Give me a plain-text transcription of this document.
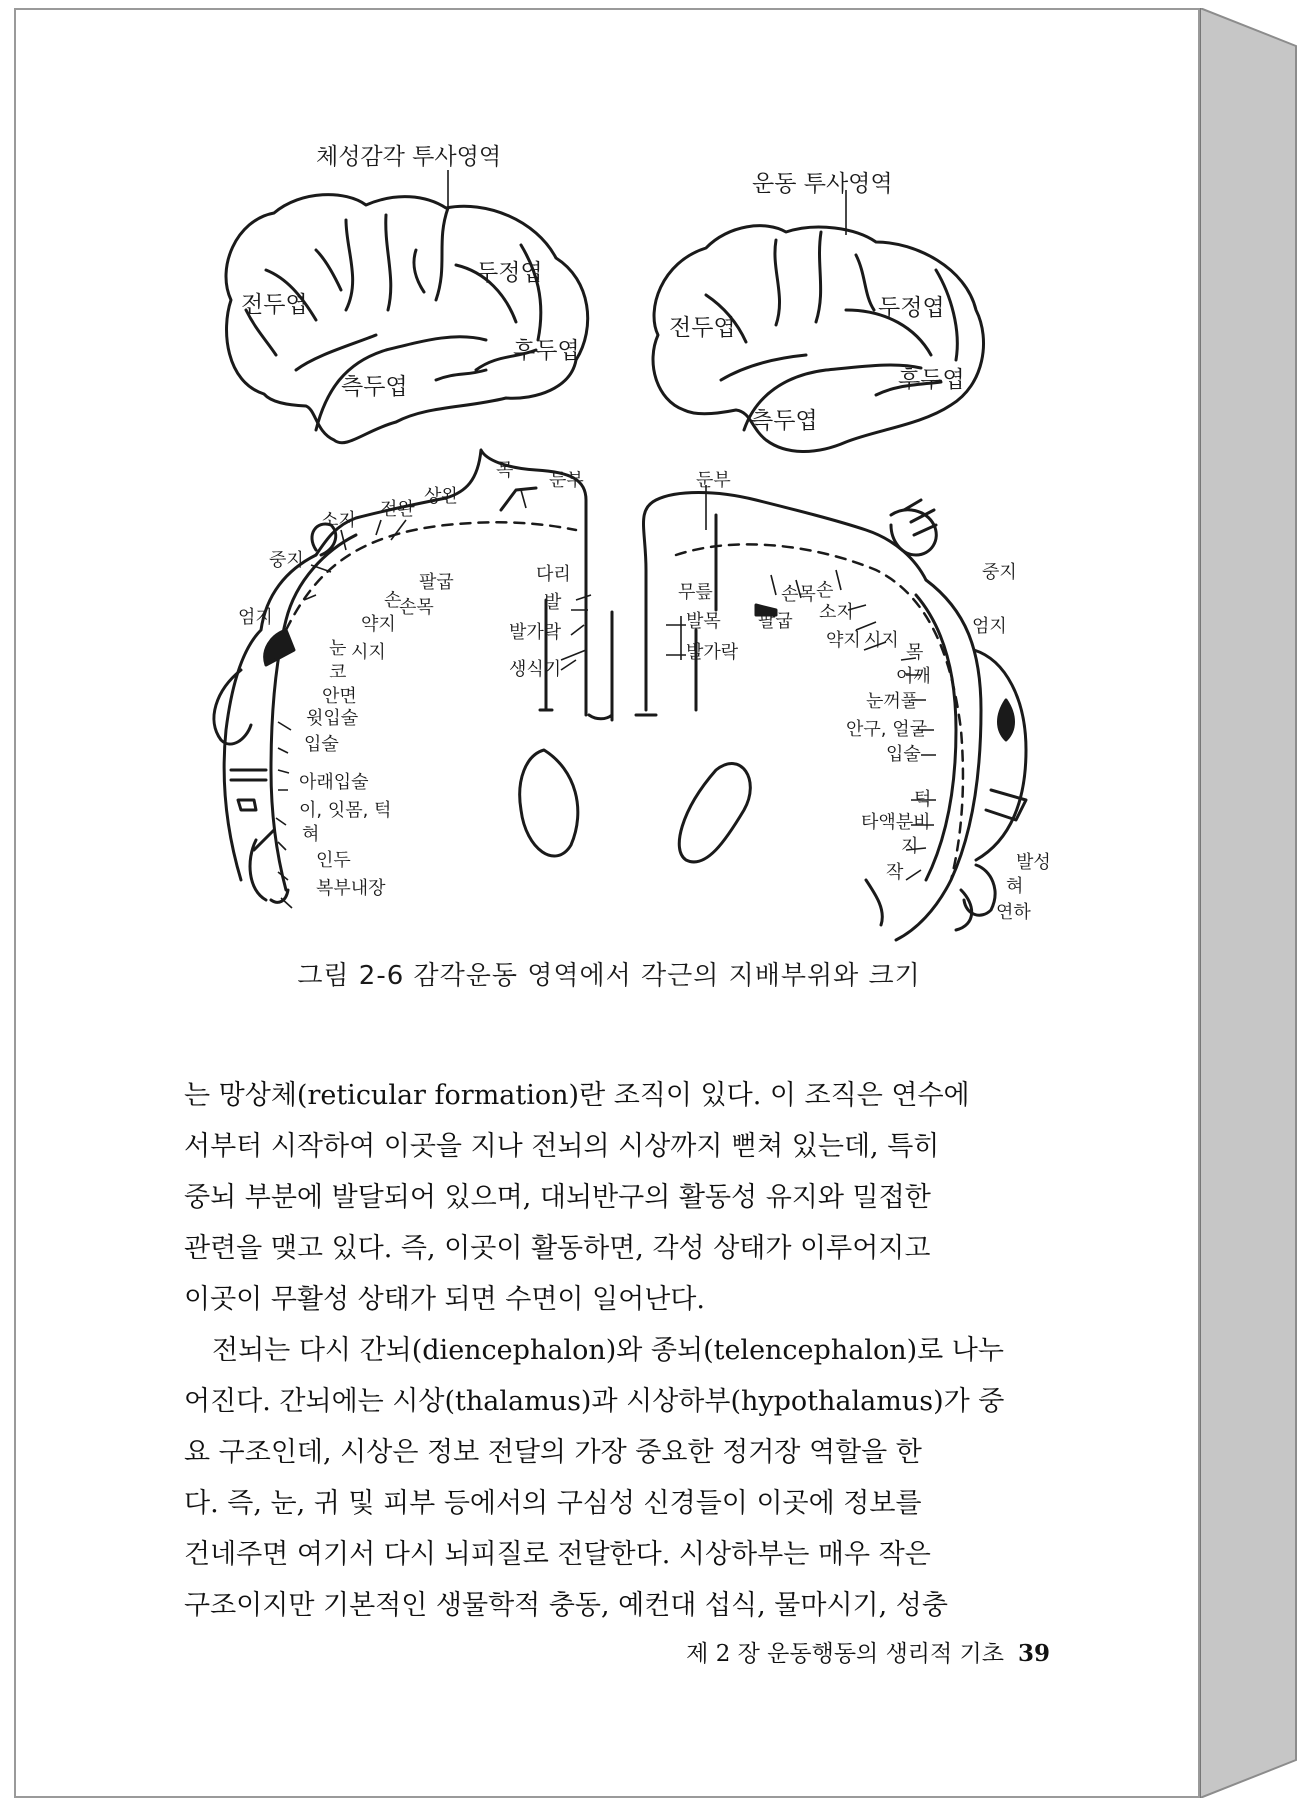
체성감각 투사영역
운동 투사영역
전두엽
두정엽
후두엽
측두엽
전두엽
두정엽
후두엽
측두엽
목 둔부
상완
전완
소지
중지
엄지
팔굽
손목
손
약지
시지
눈
코
안면
윗입술
입술
아래입술
이, 잇몸, 턱
혀
인두
복부내장
다리
발
발가락
생식기
둔부
무릎
발목
발가락
팔굽
손목 손
소지
약지 시지
중지
엄지
목
어깨
눈꺼풀
안구, 얼굴
입술
턱
타액분비
지
작	발성
혀
연하
그림 2-6 감각운동 영역에서 각근의 지배부위와 크기

는 망상체(reticular formation)란 조직이 있다. 이 조직은 연수에

서부터 시작하여 이곳을 지나 전뇌의 시상까지 뻗쳐 있는데, 특히

중뇌 부분에 발달되어 있으며, 대뇌반구의 활동성 유지와 밀접한

관련을 맺고 있다. 즉, 이곳이 활동하면, 각성 상태가 이루어지고

이곳이 무활성 상태가 되면 수면이 일어난다.

전뇌는 다시 간뇌(diencephalon)와 종뇌(telencephalon)로 나누

어진다. 간뇌에는 시상(thalamus)과 시상하부(hypothalamus)가 중

요 구조인데, 시상은 정보 전달의 가장 중요한 정거장 역할을 한

다. 즉, 눈, 귀 및 피부 등에서의 구심성 신경들이 이곳에 정보를

건네주면 여기서 다시 뇌피질로 전달한다. 시상하부는 매우 작은

구조이지만 기본적인 생물학적 충동, 예컨대 섭식, 물마시기, 성충

제 2 장 운동행동의 생리적 기초 39
